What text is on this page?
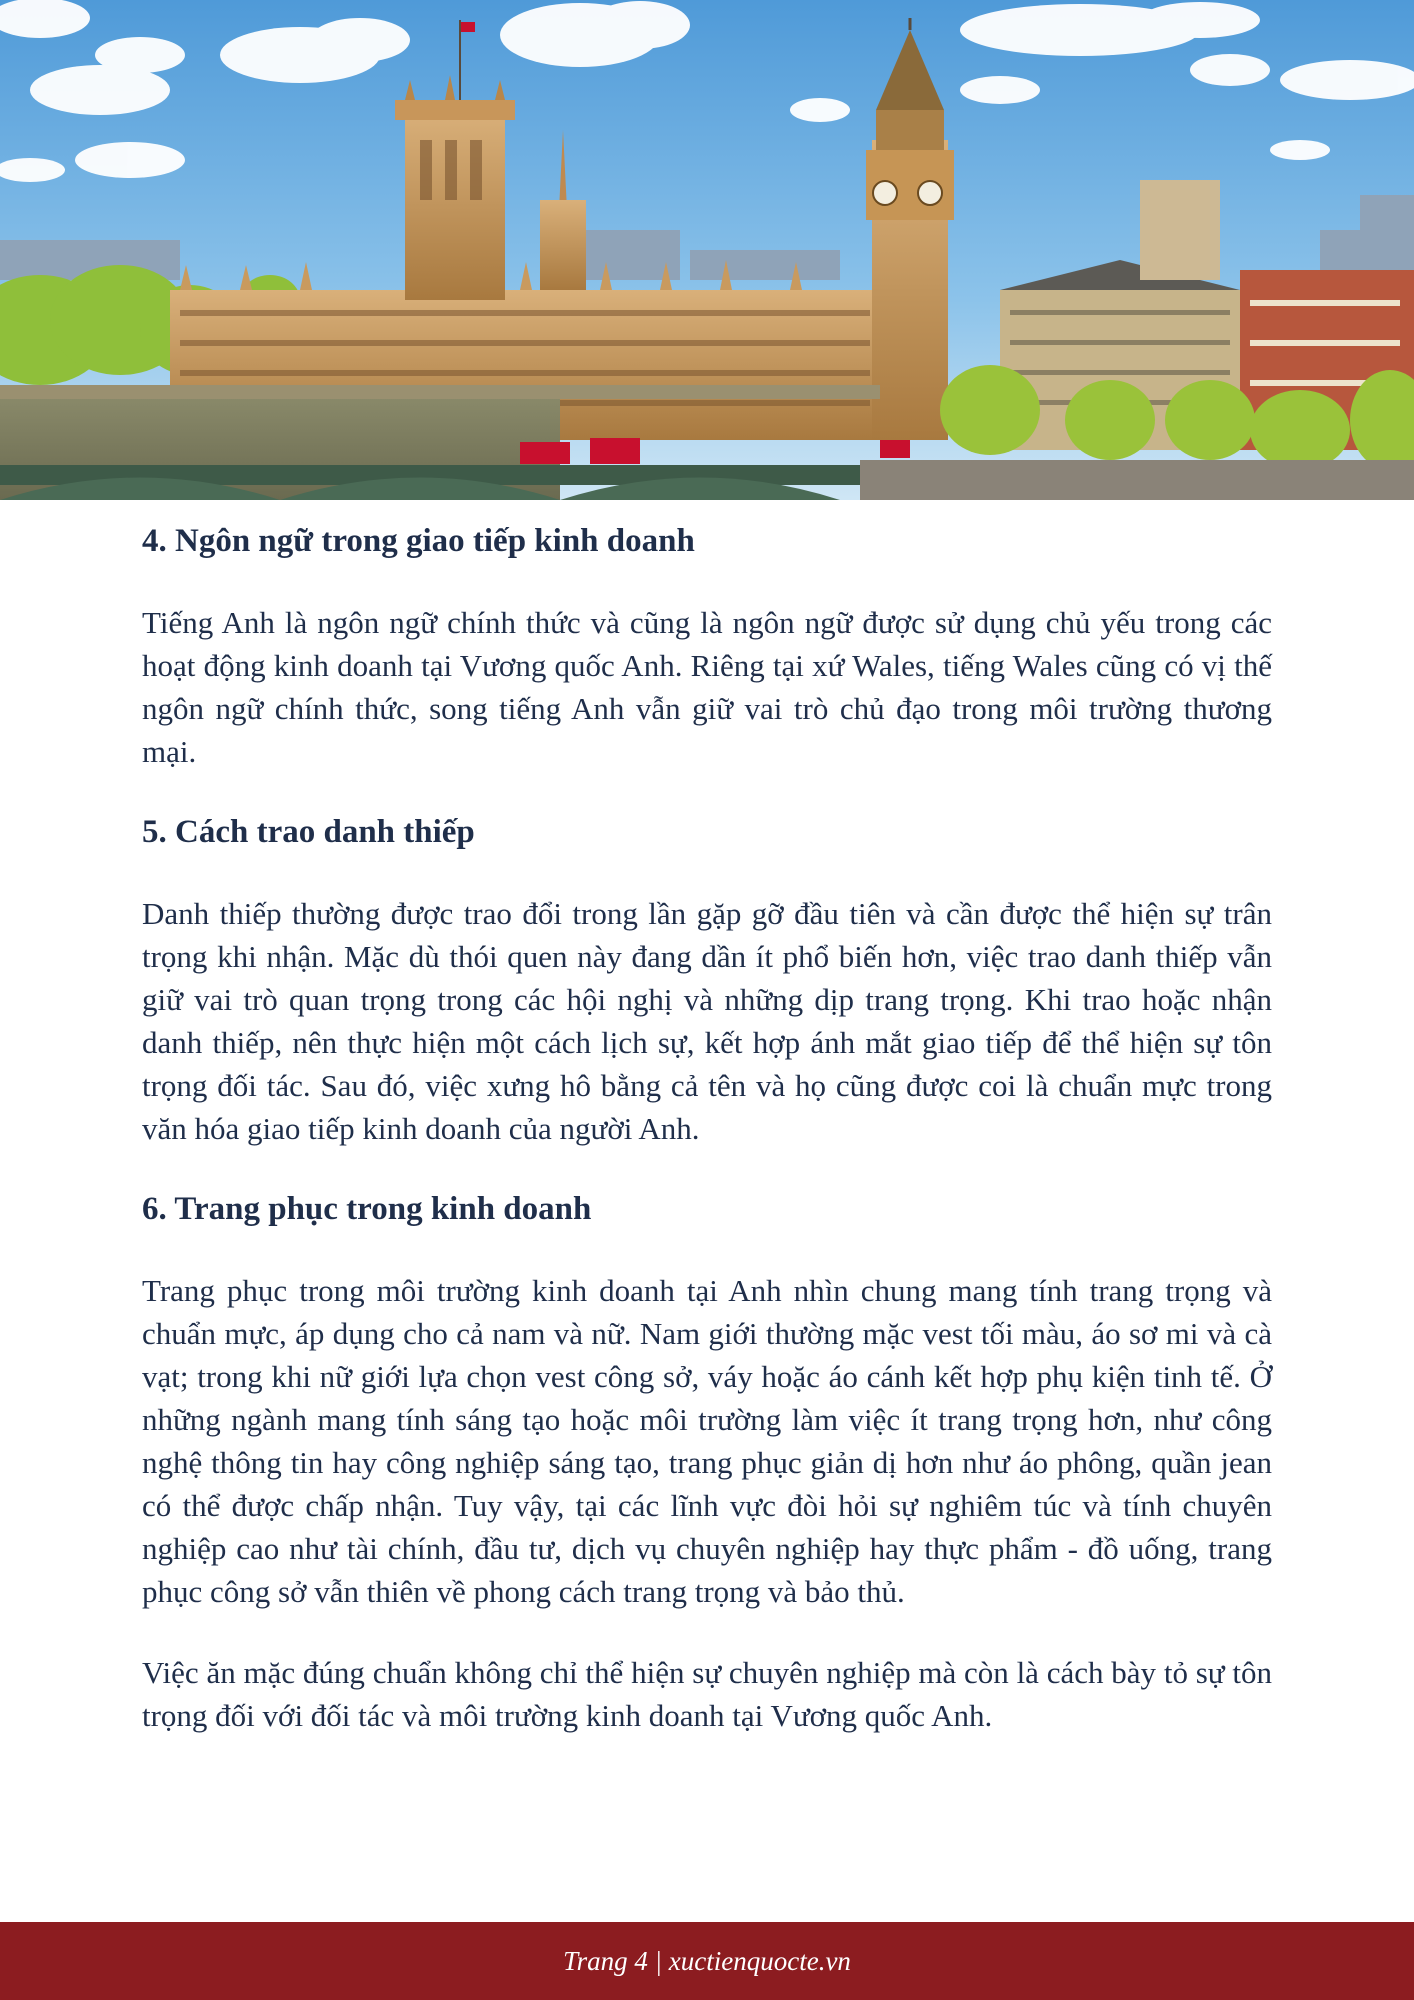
4. Ngôn ngữ trong giao tiếp kinh doanh

Tiếng Anh là ngôn ngữ chính thức và cũng là ngôn ngữ được sử dụng chủ yếu trong các hoạt động kinh doanh tại Vương quốc Anh. Riêng tại xứ Wales, tiếng Wales cũng có vị thế ngôn ngữ chính thức, song tiếng Anh vẫn giữ vai trò chủ đạo trong môi trường thương mại.

5. Cách trao danh thiếp

Danh thiếp thường được trao đổi trong lần gặp gỡ đầu tiên và cần được thể hiện sự trân trọng khi nhận. Mặc dù thói quen này đang dần ít phổ biến hơn, việc trao danh thiếp vẫn giữ vai trò quan trọng trong các hội nghị và những dịp trang trọng. Khi trao hoặc nhận danh thiếp, nên thực hiện một cách lịch sự, kết hợp ánh mắt giao tiếp để thể hiện sự tôn trọng đối tác. Sau đó, việc xưng hô bằng cả tên và họ cũng được coi là chuẩn mực trong văn hóa giao tiếp kinh doanh của người Anh.

6. Trang phục trong kinh doanh

Trang phục trong môi trường kinh doanh tại Anh nhìn chung mang tính trang trọng và chuẩn mực, áp dụng cho cả nam và nữ. Nam giới thường mặc vest tối màu, áo sơ mi và cà vạt; trong khi nữ giới lựa chọn vest công sở, váy hoặc áo cánh kết hợp phụ kiện tinh tế. Ở những ngành mang tính sáng tạo hoặc môi trường làm việc ít trang trọng hơn, như công nghệ thông tin hay công nghiệp sáng tạo, trang phục giản dị hơn như áo phông, quần jean có thể được chấp nhận. Tuy vậy, tại các lĩnh vực đòi hỏi sự nghiêm túc và tính chuyên nghiệp cao như tài chính, đầu tư, dịch vụ chuyên nghiệp hay thực phẩm - đồ uống, trang phục công sở vẫn thiên về phong cách trang trọng và bảo thủ.

Việc ăn mặc đúng chuẩn không chỉ thể hiện sự chuyên nghiệp mà còn là cách bày tỏ sự tôn trọng đối với đối tác và môi trường kinh doanh tại Vương quốc Anh.

Trang 4 | xuctienquocte.vn
